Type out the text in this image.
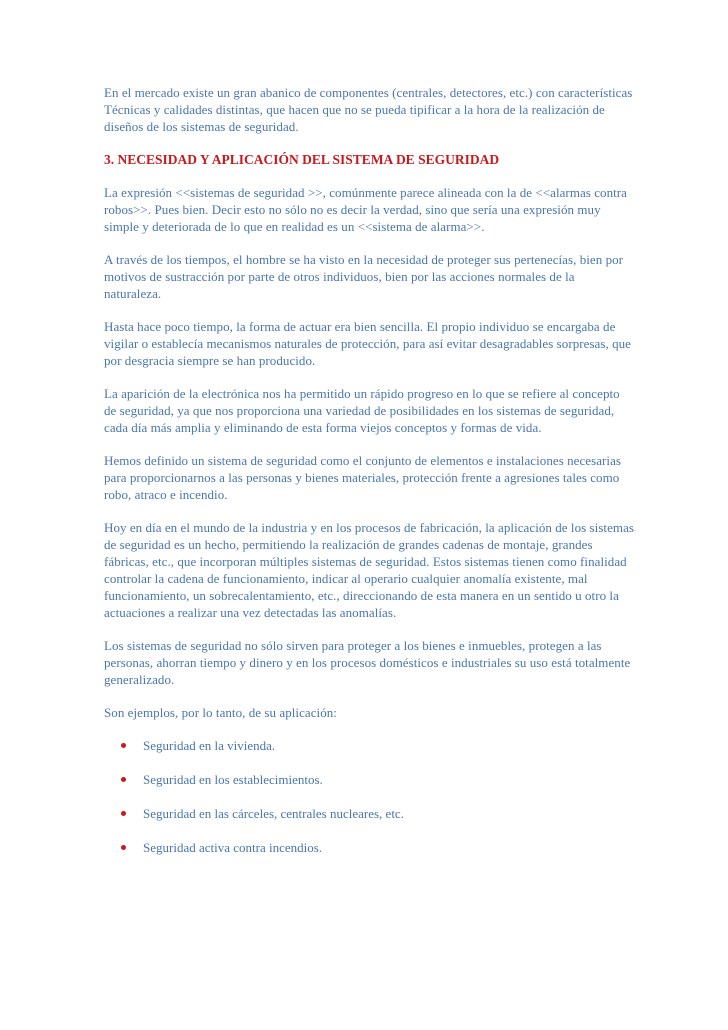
En el mercado existe un gran abanico de componentes (centrales, detectores, etc.) con características Técnicas y calidades distintas, que hacen que no se pueda tipificar a la hora de la realización de diseños de los sistemas de seguridad.

3. NECESIDAD Y APLICACIÓN DEL SISTEMA DE SEGURIDAD

La expresión <<sistemas de seguridad >>, comúnmente parece alineada con la de <<alarmas contra robos>>. Pues bien. Decir esto no sólo no es decir la verdad, sino que sería una expresión muy simple y deteriorada de lo que en realidad es un <<sistema de alarma>>.

A través de los tiempos, el hombre se ha visto en la necesidad de proteger sus pertenecías, bien por motivos de sustracción por parte de otros individuos, bien por las acciones normales de la naturaleza.

Hasta hace poco tiempo, la forma de actuar era bien sencilla. El propio individuo se encargaba de vigilar o establecía mecanismos naturales de protección, para así evitar desagradables sorpresas, que por desgracia siempre se han producido.

La aparición de la electrónica nos ha permitido un rápido progreso en lo que se refiere al concepto de seguridad, ya que nos proporciona una variedad de posibilidades en los sistemas de seguridad, cada día más amplia y eliminando de esta forma viejos conceptos y formas de vida.

Hemos definido un sistema de seguridad como el conjunto de elementos e instalaciones necesarias para proporcionarnos a las personas y bienes materiales, protección frente a agresiones tales como robo, atraco e incendio.

Hoy en día en el mundo de la industria y en los procesos de fabricación, la aplicación de los sistemas de seguridad es un hecho, permitiendo la realización de grandes cadenas de montaje, grandes fábricas, etc., que incorporan múltiples sistemas de seguridad. Estos sistemas tienen como finalidad controlar la cadena de funcionamiento, indicar al operario cualquier anomalía existente, mal funcionamiento, un sobrecalentamiento, etc., direccionando de esta manera en un sentido u otro la actuaciones a realizar una vez detectadas las anomalías.

Los sistemas de seguridad no sólo sirven para proteger a los bienes e inmuebles, protegen a las personas, ahorran tiempo y dinero y en los procesos domésticos e industriales su uso está totalmente generalizado.

Son ejemplos, por lo tanto, de su aplicación:

Seguridad en la vivienda.
Seguridad en los establecimientos.
Seguridad en las cárceles, centrales nucleares, etc.
Seguridad activa contra incendios.
